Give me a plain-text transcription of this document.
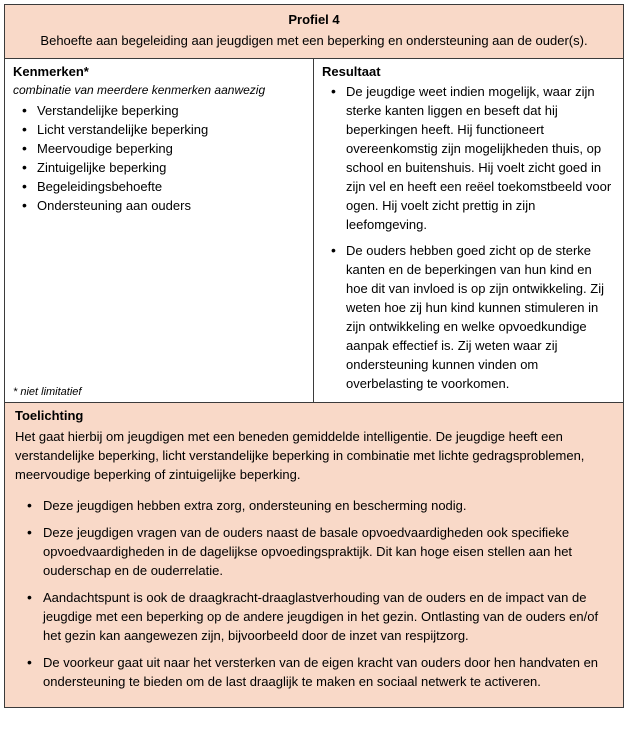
Profiel 4
Behoefte aan begeleiding aan jeugdigen met een beperking en ondersteuning aan de ouder(s).
Kenmerken*
combinatie van meerdere kenmerken aanwezig
• Verstandelijke beperking
• Licht verstandelijke beperking
• Meervoudige beperking
• Zintuigelijke beperking
• Begeleidingsbehoefte
• Ondersteuning aan ouders
* niet limitatief
Resultaat
• De jeugdige weet indien mogelijk, waar zijn sterke kanten liggen en beseft dat hij beperkingen heeft. Hij functioneert overeenkomstig zijn mogelijkheden thuis, op school en buitenshuis. Hij voelt zicht goed in zijn vel en heeft een reëel toekomstbeeld voor ogen. Hij voelt zicht prettig in zijn leefomgeving.
• De ouders hebben goed zicht op de sterke kanten en de beperkingen van hun kind en hoe dit van invloed is op zijn ontwikkeling. Zij weten hoe zij hun kind kunnen stimuleren in zijn ontwikkeling en welke opvoedkundige aanpak effectief is. Zij weten waar zij ondersteuning kunnen vinden om overbelasting te voorkomen.
Toelichting
Het gaat hierbij om jeugdigen met een beneden gemiddelde intelligentie. De jeugdige heeft een verstandelijke beperking, licht verstandelijke beperking in combinatie met lichte gedragsproblemen, meervoudige beperking of zintuigelijke beperking.
• Deze jeugdigen hebben extra zorg, ondersteuning en bescherming nodig.
• Deze jeugdigen vragen van de ouders naast de basale opvoedvaardigheden ook specifieke opvoedvaardigheden in de dagelijkse opvoedingspraktijk. Dit kan hoge eisen stellen aan het ouderschap en de ouderrelatie.
• Aandachtspunt is ook de draagkracht-draaglastverhouding van de ouders en de impact van de jeugdige met een beperking op de andere jeugdigen in het gezin. Ontlasting van de ouders en/of het gezin kan aangewezen zijn, bijvoorbeeld door de inzet van respijtzorg.
• De voorkeur gaat uit naar het versterken van de eigen kracht van ouders door hen handvaten en ondersteuning te bieden om de last draaglijk te maken en sociaal netwerk te activeren.
